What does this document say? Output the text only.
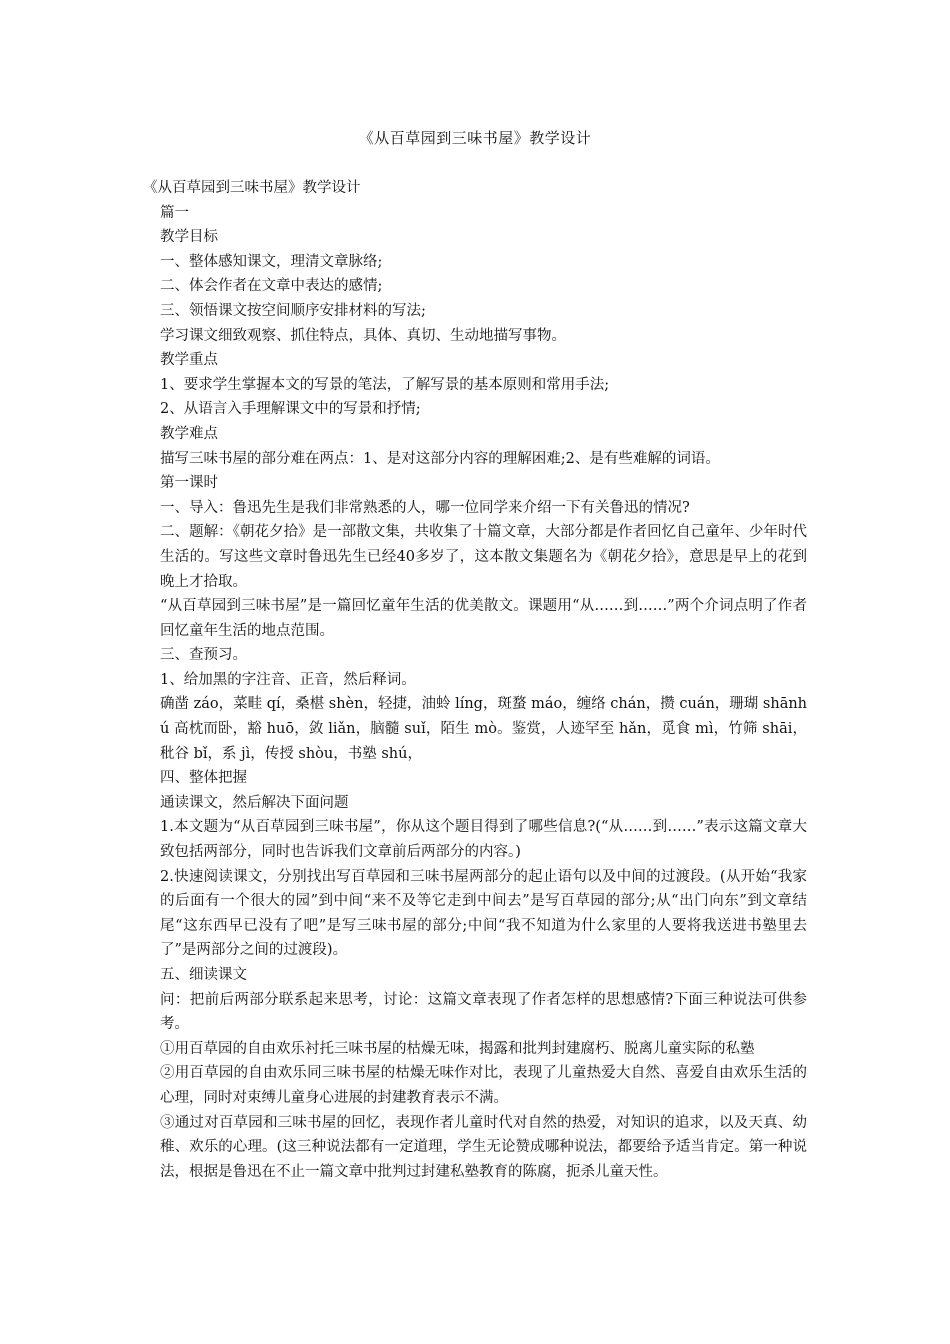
《从百草园到三味书屋》教学设计

《从百草园到三味书屋》教学设计

篇一

教学目标

一、整体感知课文，理清文章脉络;

二、体会作者在文章中表达的感情;

三、领悟课文按空间顺序安排材料的写法;

学习课文细致观察、抓住特点，具体、真切、生动地描写事物。

教学重点

1、要求学生掌握本文的写景的笔法，了解写景的基本原则和常用手法;

2、从语言入手理解课文中的写景和抒情;

教学难点

描写三味书屋的部分难在两点：1、是对这部分内容的理解困难;2、是有些难解的词语。

第一课时

一、导入：鲁迅先生是我们非常熟悉的人，哪一位同学来介绍一下有关鲁迅的情况?

二、题解：《朝花夕拾》是一部散文集，共收集了十篇文章，大部分都是作者回忆自己童年、少年时代生活的。写这些文章时鲁迅先生已经40多岁了，这本散文集题名为《朝花夕拾》，意思是早上的花到晚上才拾取。

“从百草园到三味书屋”是一篇回忆童年生活的优美散文。课题用“从……到……”两个介词点明了作者回忆童年生活的地点范围。

三、查预习。

1、给加黑的字注音、正音，然后释词。

确凿 záo，菜畦 qí，桑椹 shèn，轻捷，油蛉 líng，斑蝥 máo，缠络 chán，攒 cuán，珊瑚 shānhú 高枕而卧，豁 huō，敛 liǎn，脑髓 suǐ，陌生 mò。鉴赏，人迹罕至 hǎn，觅食 mì，竹筛 shāi，秕谷 bǐ，系 jì，传授 shòu，书塾 shú，

四、整体把握

通读课文，然后解决下面问题

1.本文题为“从百草园到三味书屋”，你从这个题目得到了哪些信息?(“从……到……”表示这篇文章大致包括两部分，同时也告诉我们文章前后两部分的内容。)

2.快速阅读课文，分别找出写百草园和三味书屋两部分的起止语句以及中间的过渡段。(从开始“我家的后面有一个很大的园”到中间“来不及等它走到中间去”是写百草园的部分;从“出门向东”到文章结尾“这东西早已没有了吧”是写三味书屋的部分;中间“我不知道为什么家里的人要将我送进书塾里去了”是两部分之间的过渡段)。

五、细读课文

问：把前后两部分联系起来思考，讨论：这篇文章表现了作者怎样的思想感情?下面三种说法可供参考。

①用百草园的自由欢乐衬托三味书屋的枯燥无味，揭露和批判封建腐朽、脱离儿童实际的私塾

②用百草园的自由欢乐同三味书屋的枯燥无味作对比，表现了儿童热爱大自然、喜爱自由欢乐生活的心理，同时对束缚儿童身心进展的封建教育表示不满。

③通过对百草园和三味书屋的回忆，表现作者儿童时代对自然的热爱，对知识的追求，以及天真、幼稚、欢乐的心理。(这三种说法都有一定道理，学生无论赞成哪种说法，都要给予适当肯定。第一种说法，根据是鲁迅在不止一篇文章中批判过封建私塾教育的陈腐，扼杀儿童天性。
